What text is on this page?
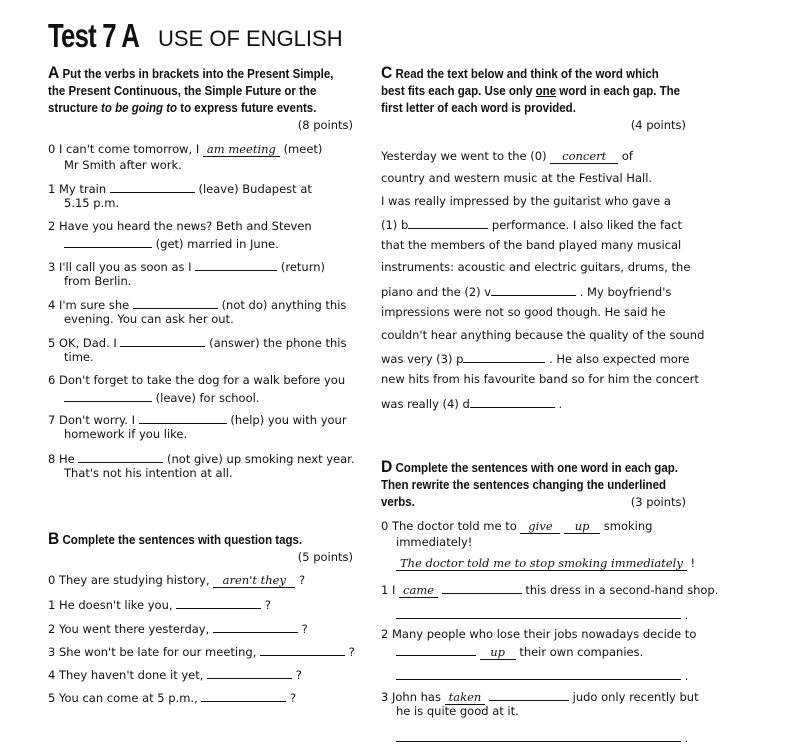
Test 7 A USE OF ENGLISH
A Put the verbs in brackets into the Present Simple, the Present Continuous, the Simple Future or the structure to be going to to express future events.
(8 points)
B Complete the sentences with question tags.
(5 points)
C Read the text below and think of the word which best fits each gap. Use only one word in each gap. The first letter of each word is provided.
(4 points)
D Complete the sentences with one word in each gap. Then rewrite the sentences changing the underlined verbs.	(3 points)
0 I can't come tomorrow, I am meeting (meet)
Mr Smith after work.
1 My train	(leave) Budapest at
5.15 p.m.
2 Have you heard the news? Beth and Steven
(get) married in June.
3 I'll call you as soon as I	(return)
from Berlin.
4 I'm sure she	(not do) anything this
evening. You can ask her out.
5 OK, Dad. I	(answer) the phone this
time.
6 Don't forget to take the dog for a walk before you
(leave) for school.
7 Don't worry. I	(help) you with your
homework if you like.
8 He	(not give) up smoking next year.
That's not his intention at all.
0 They are studying history, aren't they ?
1 He doesn't like you,	?
2 You went there yesterday,	?
3 She won't be late for our meeting,	?
4 They haven't done it yet,	?
5 You can come at 5 p.m.,	?
Yesterday we went to the (0) concert of
country and western music at the Festival Hall.
I was really impressed by the guitarist who gave a
(1) b	performance. I also liked the fact
that the members of the band played many musical
instruments: acoustic and electric guitars, drums, the
piano and the (2) v	. My boyfriend's
impressions were not so good though. He said he
couldn't hear anything because the quality of the sound
was very (3) p	. He also expected more
new hits from his favourite band so for him the concert
was really (4) d	.
0 The doctor told me to give up smoking
immediately!
The doctor told me to stop smoking immediately !
1 I came	this dress in a second-hand shop.
.
2 Many people who lose their jobs nowadays decide to
up their own companies.
.
3 John has taken	judo only recently but
he is quite good at it.
.
